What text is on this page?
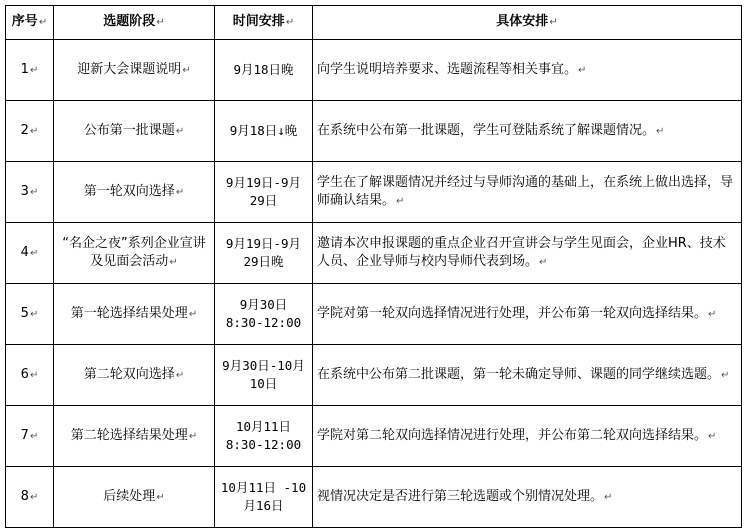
序号↵	选题阶段↵	时间安排↵	具体安排↵
1↵	迎新大会课题说明↵	9月18日晚	向学生说明培养要求、选题流程等相关事宜。↵
2↵	公布第一批课题↵	9月18日↓晚	在系统中公布第一批课题，学生可登陆系统了解课题情况。↵
3↵	第一轮双向选择↵	9月19日-9月29日	学生在了解课题情况并经过与导师沟通的基础上，在系统上做出选择，导师确认结果。↵
4↵	“名企之夜”系列企业宣讲及见面会活动↵	9月19日-9月29日晚	邀请本次申报课题的重点企业召开宣讲会与学生见面会，企业HR、技术人员、企业导师与校内导师代表到场。↵
5↵	第一轮选择结果处理↵	9月30日 8:30-12:00	学院对第一轮双向选择情况进行处理，并公布第一轮双向选择结果。↵
6↵	第二轮双向选择↵	9月30日-10月10日	在系统中公布第二批课题，第一轮未确定导师、课题的同学继续选题。↵
7↵	第二轮选择结果处理↵	10月11日 8:30-12:00	学院对第二轮双向选择情况进行处理，并公布第二轮双向选择结果。↵
8↵	后续处理↵	10月11日 -10月16日	视情况决定是否进行第三轮选题或个别情况处理。↵
